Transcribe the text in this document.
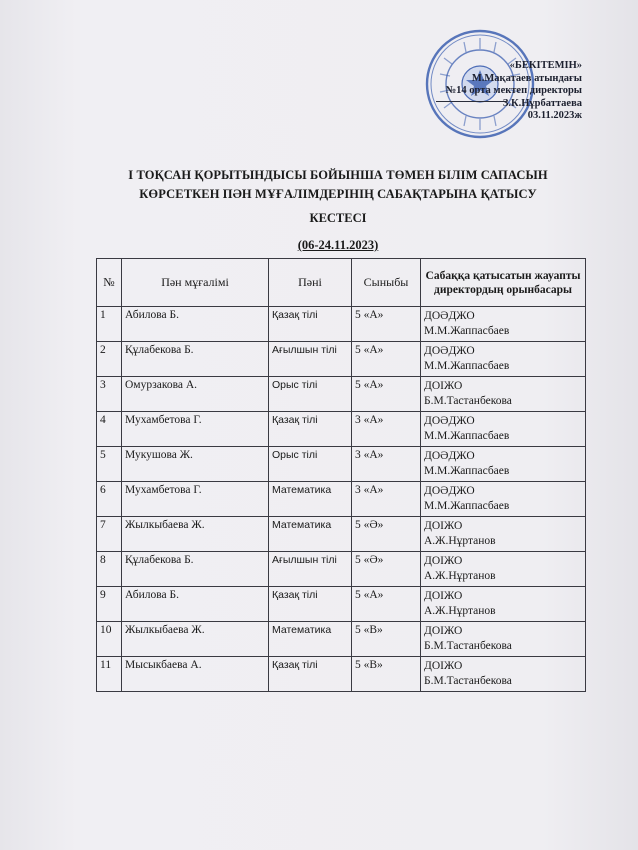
«БЕКІТЕМІН»
М.Мақатаев атындағы
№14 орта мектеп директоры
З.К.Нұрбаттаева
03.11.2023ж
І ТОҚСАН ҚОРЫТЫНДЫСЫ БОЙЫНША ТӨМЕН БІЛІМ САПАСЫН
КӨРСЕТКЕН ПӘН МҰҒАЛІМДЕРІНІҢ САБАҚТАРЫНА ҚАТЫСУ
КЕСТЕСІ
(06-24.11.2023)
№	Пән мұғалімі	Пәні	Сыныбы	Сабаққа қатысатын жауапты директордың орынбасары
1	Абилова Б.	Қазақ тілі	5 «А»	ДОӘДЖО
М.М.Жаппасбаев

2	Құлабекова Б.	Ағылшын тілі	5 «А»	ДОӘДЖО
М.М.Жаппасбаев

3	Омурзакова А.	Орыс тілі	5 «А»	ДОІЖО
Б.М.Тастанбекова

4	Мухамбетова Г.	Қазақ тілі	3 «А»	ДОӘДЖО
М.М.Жаппасбаев

5	Мукушова Ж.	Орыс тілі	3 «А»	ДОӘДЖО
М.М.Жаппасбаев

6	Мухамбетова Г.	Математика	3 «А»	ДОӘДЖО
М.М.Жаппасбаев

7	Жылкыбаева Ж.	Математика	5 «Ә»	ДОІЖО
А.Ж.Нұртанов

8	Құлабекова Б.	Ағылшын тілі	5 «Ә»	ДОІЖО
А.Ж.Нұртанов

9	Абилова Б.	Қазақ тілі	5 «А»	ДОІЖО
А.Ж.Нұртанов

10	Жылкыбаева Ж.	Математика	5 «В»	ДОІЖО
Б.М.Тастанбекова

11	Мысыкбаева А.	Қазақ тілі	5 «В»	ДОІЖО
Б.М.Тастанбекова
